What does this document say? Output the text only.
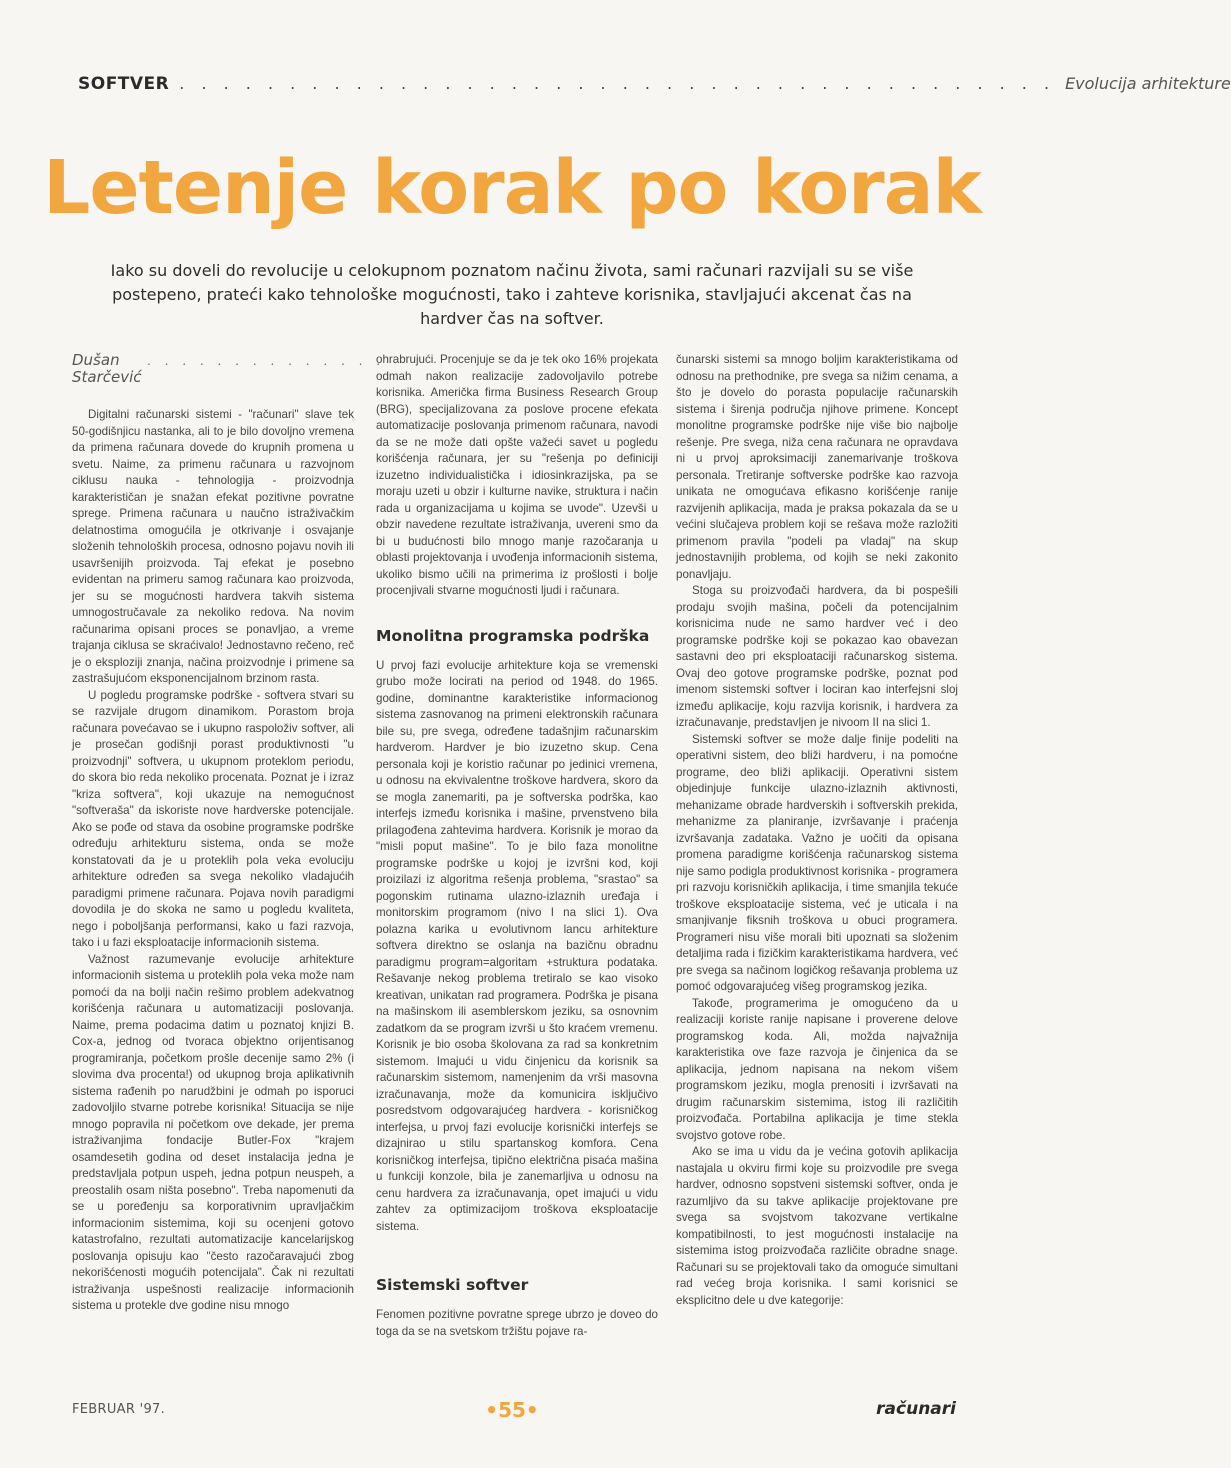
SOFTVER . . . . . . . . . . . . . . . . . . . . . . . . . . . . . . . . . . . . . . . . Evolucija arhitekture
Letenje korak po korak
Iako su doveli do revolucije u celokupnom poznatom načinu života, sami računari razvijali su se više postepeno, prateći kako tehnološke mogućnosti, tako i zahteve korisnika, stavljajući akcenat čas na hardver čas na softver.
Dušan Starčević
. . . . . . . . . . . . . .

Digitalni računarski sistemi - "računari" slave tek 50-godišnjicu nastanka, ali to je bilo dovoljno vremena da primena računara dovede do krupnih promena u svetu. Naime, za primenu računara u razvojnom ciklusu nauka - tehnologija - proizvodnja karakterističan je snažan efekat pozitivne povratne sprege. Primena računara u naučno istraživačkim delatnostima omogućila je otkrivanje i osvajanje složenih tehnoloških procesa, odnosno pojavu novih ili usavršenijih proizvoda. Taj efekat je posebno evidentan na primeru samog računara kao proizvoda, jer su se mogućnosti hardvera takvih sistema umnogostručavale za nekoliko redova. Na novim računarima opisani proces se ponavljao, a vreme trajanja ciklusa se skraćivalo! Jednostavno rečeno, reč je o eksploziji znanja, načina proizvodnje i primene sa zastrašujućom eksponencijalnom brzinom rasta.

U pogledu programske podrške - softvera stvari su se razvijale drugom dinamikom. Porastom broja računara povećavao se i ukupno raspoloživ softver, ali je prosečan godišnji porast produktivnosti "u proizvodnji" softvera, u ukupnom proteklom periodu, do skora bio reda nekoliko procenata. Poznat je i izraz "kriza softvera", koji ukazuje na nemogućnost "softveraša" da iskoriste nove hardverske potencijale. Ako se pođe od stava da osobine programske podrške određuju arhitekturu sistema, onda se može konstatovati da je u proteklih pola veka evoluciju arhitekture određen sa svega nekoliko vladajućih paradigmi primene računara. Pojava novih paradigmi dovodila je do skoka ne samo u pogledu kvaliteta, nego i poboljšanja performansi, kako u fazi razvoja, tako i u fazi eksploatacije informacionih sistema.

Važnost razumevanje evolucije arhitekture informacionih sistema u proteklih pola veka može nam pomoći da na bolji način rešimo problem adekvatnog korišćenja računara u automatizaciji poslovanja. Naime, prema podacima datim u poznatoj knjizi B. Cox-a, jednog od tvoraca objektno orijentisanog programiranja, početkom prošle decenije samo 2% (i slovima dva procenta!) od ukupnog broja aplikativnih sistema rađenih po narudžbini je odmah po isporuci zadovoljilo stvarne potrebe korisnika! Situacija se nije mnogo popravila ni početkom ove dekade, jer prema istraživanjima fondacije Butler-Fox "krajem osamdesetih godina od deset instalacija jedna je predstavljala potpun uspeh, jedna potpun neuspeh, a preostalih osam ništa posebno". Treba napomenuti da se u poređenju sa korporativnim upravljačkim informacionim sistemima, koji su ocenjeni gotovo katastrofalno, rezultati automatizacije kancelarijskog poslovanja opisuju kao "često razočaravajući zbog nekorišćenosti mogućih potencijala". Čak ni rezultati istraživanja uspešnosti realizacije informacionih sistema u protekle dve godine nisu mnogo

ohrabrujući. Procenjuje se da je tek oko 16% projekata odmah nakon realizacije zadovoljavilo potrebe korisnika. Američka firma Business Research Group (BRG), specijalizovana za poslove procene efekata automatizacije poslovanja primenom računara, navodi da se ne može dati opšte važeći savet u pogledu korišćenja računara, jer su "rešenja po definiciji izuzetno individualistička i idiosinkrazijska, pa se moraju uzeti u obzir i kulturne navike, struktura i način rada u organizacijama u kojima se uvode". Uzevši u obzir navedene rezultate istraživanja, uvereni smo da bi u budućnosti bilo mnogo manje razočaranja u oblasti projektovanja i uvođenja informacionih sistema, ukoliko bismo učili na primerima iz prošlosti i bolje procenjivali stvarne mogućnosti ljudi i računara.

Monolitna programska podrška

U prvoj fazi evolucije arhitekture koja se vremenski grubo može locirati na period od 1948. do 1965. godine, dominantne karakteristike informacionog sistema zasnovanog na primeni elektronskih računara bile su, pre svega, određene tadašnjim računarskim hardverom. Hardver je bio izuzetno skup. Cena personala koji je koristio računar po jedinici vremena, u odnosu na ekvivalentne troškove hardvera, skoro da se mogla zanemariti, pa je softverska podrška, kao interfejs između korisnika i mašine, prvenstveno bila prilagođena zahtevima hardvera. Korisnik je morao da "misli poput mašine". To je bilo faza monolitne programske podrške u kojoj je izvršni kod, koji proizilazi iz algoritma rešenja problema, "srastao" sa pogonskim rutinama ulazno-izlaznih uređaja i monitorskim programom (nivo I na slici 1). Ova polazna karika u evolutivnom lancu arhitekture softvera direktno se oslanja na bazičnu obradnu paradigmu program=algoritam +struktura podataka. Rešavanje nekog problema tretiralo se kao visoko kreativan, unikatan rad programera. Podrška je pisana na mašinskom ili asemblerskom jeziku, sa osnovnim zadatkom da se program izvrši u što kraćem vremenu. Korisnik je bio osoba školovana za rad sa konkretnim sistemom. Imajući u vidu činjenicu da korisnik sa računarskim sistemom, namenjenim da vrši masovna izračunavanja, može da komunicira isključivo posredstvom odgovarajućeg hardvera - korisničkog interfejsa, u prvoj fazi evolucije korisnički interfejs se dizajnirao u stilu spartanskog komfora. Cena korisničkog interfejsa, tipično električna pisaća mašina u funkciji konzole, bila je zanemarljiva u odnosu na cenu hardvera za izračunavanja, opet imajući u vidu zahtev za optimizacijom troškova eksploatacije sistema.

Sistemski softver

Fenomen pozitivne povratne sprege ubrzo je doveo do toga da se na svetskom tržištu pojave ra-

čunarski sistemi sa mnogo boljim karakteristikama od odnosu na prethodnike, pre svega sa nižim cenama, a što je dovelo do porasta populacije računarskih sistema i širenja područja njihove primene. Koncept monolitne programske podrške nije više bio najbolje rešenje. Pre svega, niža cena računara ne opravdava ni u prvoj aproksimaciji zanemarivanje troškova personala. Tretiranje softverske podrške kao razvoja unikata ne omogućava efikasno korišćenje ranije razvijenih aplikacija, mada je praksa pokazala da se u većini slučajeva problem koji se rešava može razložiti primenom pravila "podeli pa vladaj" na skup jednostavnijih problema, od kojih se neki zakonito ponavljaju.

Stoga su proizvođači hardvera, da bi pospešili prodaju svojih mašina, počeli da potencijalnim korisnicima nude ne samo hardver već i deo programske podrške koji se pokazao kao obavezan sastavni deo pri eksploataciji računarskog sistema. Ovaj deo gotove programske podrške, poznat pod imenom sistemski softver i lociran kao interfejsni sloj između aplikacije, koju razvija korisnik, i hardvera za izračunavanje, predstavljen je nivoom II na slici 1.

Sistemski softver se može dalje finije podeliti na operativni sistem, deo bliži hardveru, i na pomoćne programe, deo bliži aplikaciji. Operativni sistem objedinjuje funkcije ulazno-izlaznih aktivnosti, mehanizame obrade hardverskih i softverskih prekida, mehanizme za planiranje, izvršavanje i praćenja izvršavanja zadataka. Važno je uočiti da opisana promena paradigme korišćenja računarskog sistema nije samo podigla produktivnost korisnika - programera pri razvoju korisničkih aplikacija, i time smanjila tekuće troškove eksploatacije sistema, već je uticala i na smanjivanje fiksnih troškova u obuci programera. Programeri nisu više morali biti upoznati sa složenim detaljima rada i fizičkim karakteristikama hardvera, već pre svega sa načinom logičkog rešavanja problema uz pomoć odgovarajućeg višeg programskog jezika.

Takođe, programerima je omogućeno da u realizaciji koriste ranije napisane i proverene delove programskog koda. Ali, možda najvažnija karakteristika ove faze razvoja je činjenica da se aplikacija, jednom napisana na nekom višem programskom jeziku, mogla prenositi i izvršavati na drugim računarskim sistemima, istog ili različitih proizvođača. Portabilna aplikacija je time stekla svojstvo gotove robe.

Ako se ima u vidu da je većina gotovih aplikacija nastajala u okviru firmi koje su proizvodile pre svega hardver, odnosno sopstveni sistemski softver, onda je razumljivo da su takve aplikacije projektovane pre svega sa svojstvom takozvane vertikalne kompatibilnosti, to jest mogućnosti instalacije na sistemima istog proizvođača različite obradne snage. Računari su se projektovali tako da omoguće simultani rad većeg broja korisnika. I sami korisnici se eksplicitno dele u dve kategorije:

FEBRUAR '97.	•55•	računari
